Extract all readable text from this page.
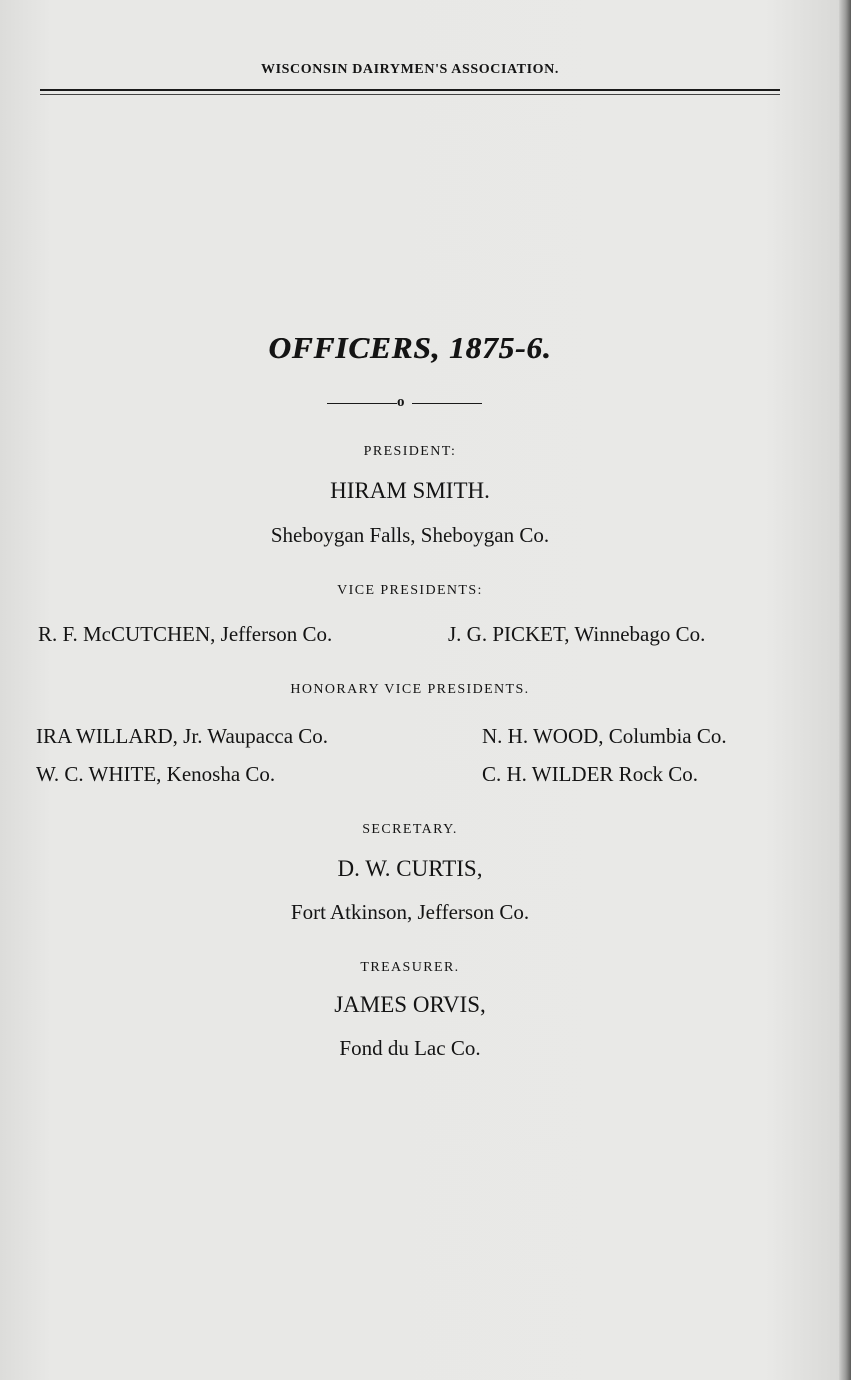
WISCONSIN DAIRYMEN'S ASSOCIATION.
OFFICERS, 1875-6.
o
PRESIDENT:
HIRAM SMITH.
Sheboygan Falls, Sheboygan Co.
VICE PRESIDENTS:
R. F. McCUTCHEN, Jefferson Co.	J. G. PICKET, Winnebago Co.
HONORARY VICE PRESIDENTS.
IRA WILLARD, Jr. Waupacca Co.	N. H. WOOD, Columbia Co.
W. C. WHITE, Kenosha Co.	C. H. WILDER Rock Co.
SECRETARY.
D. W. CURTIS,
Fort Atkinson, Jefferson Co.
TREASURER.
JAMES ORVIS,
Fond du Lac Co.
